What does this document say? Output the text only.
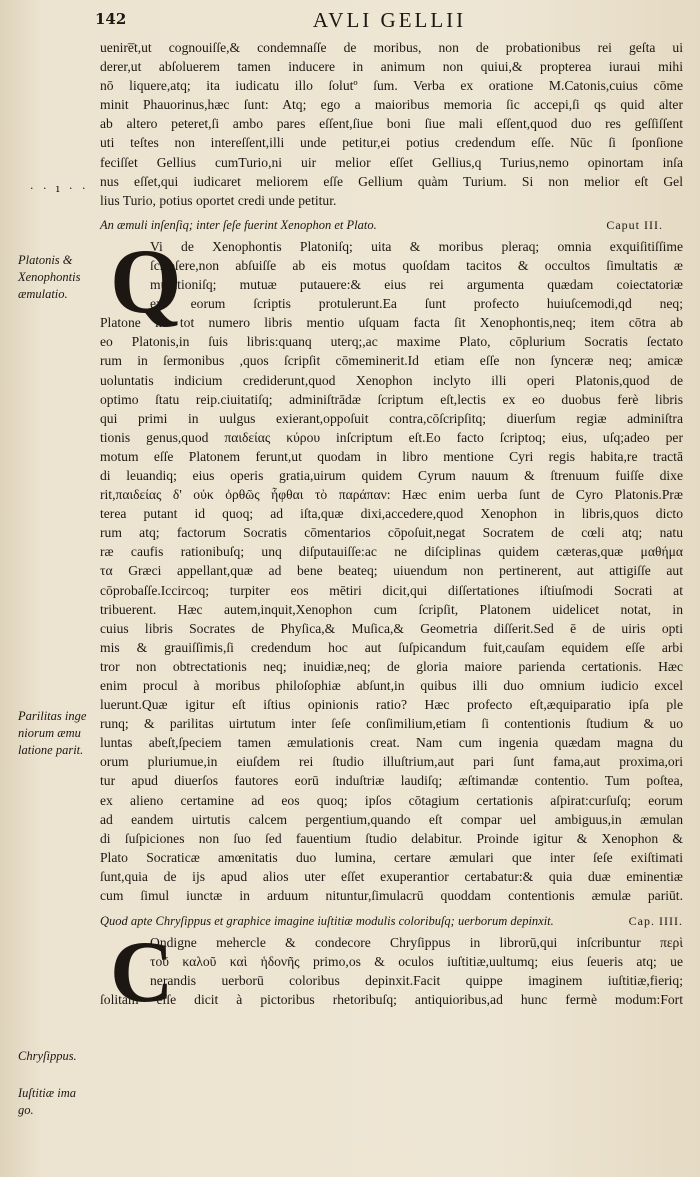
142	AVLI GELLII
· · ı · ·
Platonis &
Xenophontis
æmulatio.
Parilitas inge
niorum æmu
latione parit.
Chryſippus.
Iuſtitiæ ima
go.
uenire̅t,ut cognouiſſe,& condemnaſſe de moribus, non de probationibus rei geſta ui
derer,ut abſoluerem tamen inducere in animum non quiui,& propterea iuraui mihi
nō liquere,atq; ita iudicatu illo ſolutº ſum. Verba ex oratione M.Catonis,cuius cōme
minit Phauorinus,hæc ſunt: Atq; ego a maioribus memoria ſic accepi,ſi qs quid alter
ab altero peteret,ſi ambo pares eſſent,ſiue boni ſiue mali eſſent,quod duo res geſſiſſent
uti teſtes non intereſſent,illi unde petitur,ei potius credendum eſſe. Nūc ſi ſponſione
feciſſet Gellius cumTurio,ni uir melior eſſet Gellius,q Turius,nemo opinortam inſa
nus eſſet,qui iudicaret meliorem eſſe Gellium quàm Turium. Si non melior eſt Gel
lius Turio, potius oportet credi unde petitur.
An æmuli inſenſiq; inter ſeſe fuerint Xenophon et Plato.	Caput III.
Q
Vi de Xenophontis Platoniſq; uita & moribus pleraq; omnia exquiſitiſſime
ſcripſere,non abſuiſſe ab eis motus quoſdam tacitos & occultos ſimultatis æ
mulationiſq; mutuæ putauere:& eius rei argumenta quædam coiectatoriæ
ex eorum ſcriptis protulerunt.Ea ſunt profecto huiuſcemodi,qd neq;
Platone in tot numero libris mentio uſquam facta ſit Xenophontis,neq; item cōtra ab
eo Platonis,in ſuis libris:quanq uterq;,ac maxime Plato, cōplurium Socratis ſectato
rum in ſermonibus ,quos ſcripſit cōmeminerit.Id etiam eſſe non ſynceræ neq; amicæ
uoluntatis indicium crediderunt,quod Xenophon inclyto illi operi Platonis,quod de
optimo ſtatu reip.ciuitatiſq; adminiſtrādæ ſcriptum eſt,lectis ex eo duobus ferè libris
qui primi in uulgus exierant,oppoſuit contra,cōſcripſitq; diuerſum regiæ adminiſtra
tionis genus,quod παιδείας κύρου inſcriptum eſt.Eo facto ſcriptoq; eius, uſq;adeo per
motum eſſe Platonem ferunt,ut quodam in libro mentione Cyri regis habita,re tractā
di leuandiq; eius operis gratia,uirum quidem Cyrum nauum & ſtrenuum fuiſſe dixe
rit,παιδείας δ' οὐκ ὀρθῶς ἧφθαι τὸ παράπαν: Hæc enim uerba ſunt de Cyro Platonis.Præ
terea putant id quoq; ad iſta,quæ dixi,accedere,quod Xenophon in libris,quos dicto
rum atq; factorum Socratis cōmentarios cōpoſuit,negat Socratem de cœli atq; natu
ræ caufis rationibuſq; unq diſputauiſſe:ac ne diſciplinas quidem cæteras,quæ μαθήμα
τα Græci appellant,quæ ad bene beateq; uiuendum non pertinerent, aut attigiſſe aut
cōprobaſſe.Iccircoq; turpiter eos mētiri dicit,qui diſſertationes iſtiuſmodi Socrati at
tribuerent. Hæc autem,inquit,Xenophon cum ſcripſit, Platonem uidelicet notat, in
cuius libris Socrates de Phyſica,& Muſica,& Geometria diſſerit.Sed ē de uiris opti
mis & grauiſſimis,ſi credendum hoc aut ſuſpicandum fuit,cauſam equidem eſſe arbi
tror non obtrectationis neq; inuidiæ,neq; de gloria maiore parienda certationis. Hæc
enim procul à moribus philoſophiæ abſunt,in quibus illi duo omnium iudicio excel
luerunt.Quæ igitur eſt iſtius opinionis ratio? Hæc profecto eſt,æquiparatio ipſa ple
runq; & parilitas uirtutum inter ſeſe conſimilium,etiam ſi contentionis ſtudium & uo
luntas abeſt,ſpeciem tamen æmulationis creat. Nam cum ingenia quædam magna du
orum pluriumue,in eiuſdem rei ſtudio illuſtrium,aut pari ſunt fama,aut proxima,ori
tur apud diuerſos fautores eorū induſtriæ laudiſq; æſtimandæ contentio. Tum poſtea,
ex alieno certamine ad eos quoq; ipſos cōtagium certationis aſpirat:curſuſq; eorum
ad eandem uirtutis calcem pergentium,quando eſt compar uel ambiguus,in æmulan
di ſuſpiciones non ſuo ſed fauentium ſtudio delabitur. Proinde igitur & Xenophon &
Plato Socraticæ amœnitatis duo lumina, certare æmulari que inter ſeſe exiſtimati
ſunt,quia de ijs apud alios uter eſſet exuperantior certabatur:& quia duæ eminentiæ
cum ſimul iunctæ in arduum nituntur,ſimulacrū quoddam contentionis æmulæ pariūt.
Quod apte Chryſippus et graphice imagine iuſtitiæ modulis coloribuſq; uerborum depinxit.	Cap. IIII.
C
Ondigne mehercle & condecore Chryſippus in librorū,qui inſcribuntur περὶ
τοῦ καλοῦ καὶ ἡδονῆς primo,os & oculos iuſtitiæ,uultumq; eius ſeueris atq; ue
nerandis uerborū coloribus depinxit.Facit quippe imaginem iuſtitiæ,fieriq;
ſolitam eſſe dicit à pictoribus rhetoribuſq; antiquioribus,ad hunc fermè modum:Fort
